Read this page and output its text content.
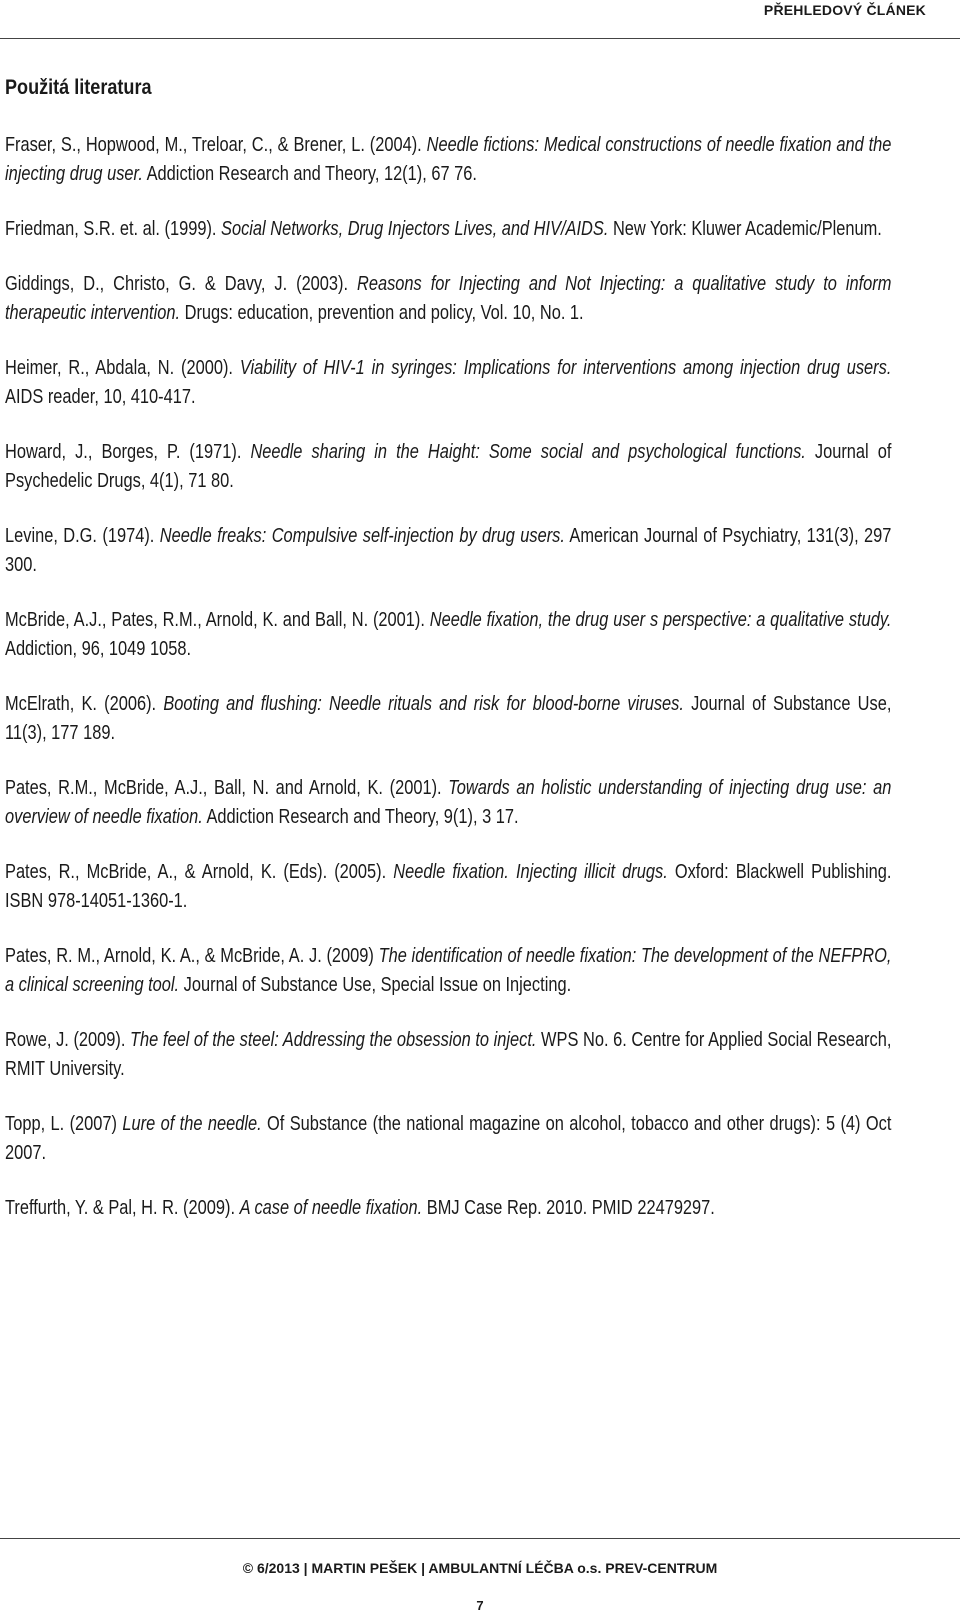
PŘEHLEDOVÝ ČLÁNEK
Použitá literatura

Fraser, S., Hopwood, M., Treloar, C., & Brener, L. (2004). Needle fictions: Medical constructions of needle fixation and the injecting drug user. Addiction Research and Theory, 12(1), 67 76.

Friedman, S.R. et. al. (1999). Social Networks, Drug Injectors Lives, and HIV/AIDS. New York: Kluwer Academic/Plenum.

Giddings, D., Christo, G. & Davy, J. (2003). Reasons for Injecting and Not Injecting: a qualitative study to inform therapeutic intervention. Drugs: education, prevention and policy, Vol. 10, No. 1.

Heimer, R., Abdala, N. (2000). Viability of HIV-1 in syringes: Implications for interventions among injection drug users. AIDS reader, 10, 410-417.

Howard, J., Borges, P. (1971). Needle sharing in the Haight: Some social and psychological functions. Journal of Psychedelic Drugs, 4(1), 71 80.

Levine, D.G. (1974). Needle freaks: Compulsive self-injection by drug users. American Journal of Psychiatry, 131(3), 297 300.

McBride, A.J., Pates, R.M., Arnold, K. and Ball, N. (2001). Needle fixation, the drug user s perspective: a qualitative study. Addiction, 96, 1049 1058.

McElrath, K. (2006). Booting and flushing: Needle rituals and risk for blood-borne viruses. Journal of Substance Use, 11(3), 177 189.

Pates, R.M., McBride, A.J., Ball, N. and Arnold, K. (2001). Towards an holistic understanding of injecting drug use: an overview of needle fixation. Addiction Research and Theory, 9(1), 3 17.

Pates, R., McBride, A., & Arnold, K. (Eds). (2005). Needle fixation. Injecting illicit drugs. Oxford: Blackwell Publishing. ISBN 978-14051-1360-1.

Pates, R. M., Arnold, K. A., & McBride, A. J. (2009) The identification of needle fixation: The development of the NEFPRO, a clinical screening tool. Journal of Substance Use, Special Issue on Injecting.

Rowe, J. (2009). The feel of the steel: Addressing the obsession to inject. WPS No. 6. Centre for Applied Social Research, RMIT University.

Topp, L. (2007) Lure of the needle. Of Substance (the national magazine on alcohol, tobacco and other drugs): 5 (4) Oct 2007.

Treffurth, Y. & Pal, H. R. (2009). A case of needle fixation. BMJ Case Rep. 2010. PMID 22479297.

© 6/2013 | MARTIN PEŠEK | AMBULANTNÍ LÉČBA o.s. PREV-CENTRUM
7
